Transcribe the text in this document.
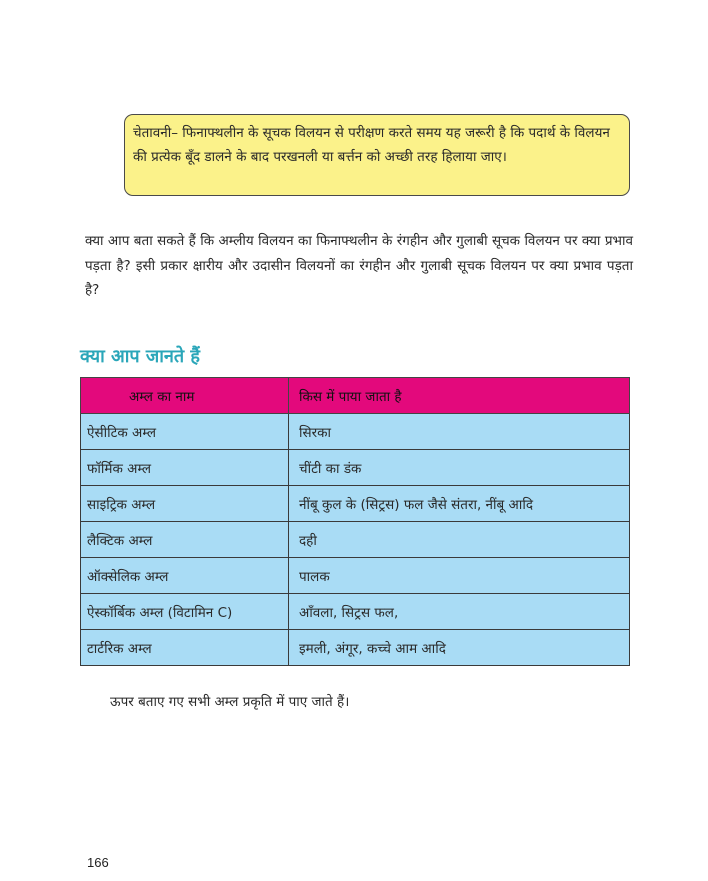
चेतावनी– फिनाफ्थलीन के सूचक विलयन से परीक्षण करते समय यह जरूरी है कि पदार्थ के विलयन की प्रत्येक बूँद डालने के बाद परखनली या बर्त्तन को अच्छी तरह हिलाया जाए।
क्या आप बता सकते हैं कि अम्लीय विलयन का फिनाफ्थलीन के रंगहीन और गुलाबी सूचक विलयन पर क्या प्रभाव पड़ता है? इसी प्रकार क्षारीय और उदासीन विलयनों का रंगहीन और गुलाबी सूचक विलयन पर क्या प्रभाव पड़ता है?
क्या आप जानते हैं
अम्ल का नाम	किस में पाया जाता है
ऐसीटिक अम्ल	सिरका
फॉर्मिक अम्ल	चींटी का डंक
साइट्रिक अम्ल	नींबू कुल के (सिट्रस) फल जैसे संतरा, नींबू आदि
लैक्टिक अम्ल	दही
ऑक्सेलिक अम्ल	पालक
ऐस्कॉर्बिक अम्ल (विटामिन C)	आँवला, सिट्रस फल,
टार्टरिक अम्ल	इमली, अंगूर, कच्चे आम आदि
ऊपर बताए गए सभी अम्ल प्रकृति में पाए जाते हैं।
166
